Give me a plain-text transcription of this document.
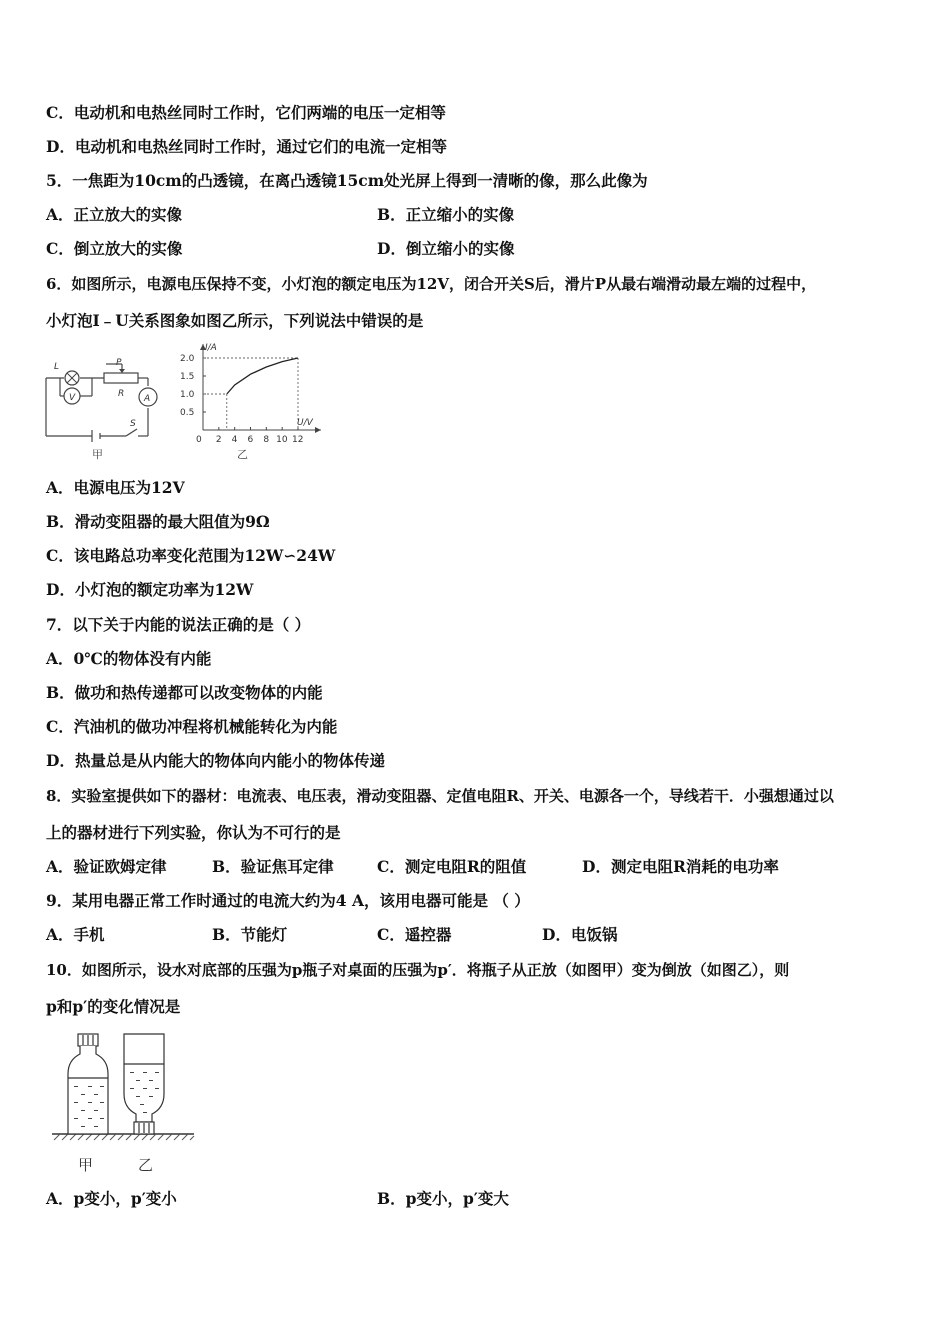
C．电动机和电热丝同时工作时，它们两端的电压一定相等
D．电动机和电热丝同时工作时，通过它们的电流一定相等
5．一焦距为10cm的凸透镜，在离凸透镜15cm处光屏上得到一清晰的像，那么此像为
A．正立放大的实像	B．正立缩小的实像
C．倒立放大的实像	D．倒立缩小的实像
6．如图所示，电源电压保持不变，小灯泡的额定电压为12V，闭合开关S后，滑片P从最右端滑动最左端的过程中，
小灯泡I﹣U关系图象如图乙所示，下列说法中错误的是
L
V
P
R A
S
甲
0.5
1.0
1.5
2.0
2 4 6 8 10 12
I/A
U/V
0
乙
A．电源电压为12V
B．滑动变阻器的最大阻值为9Ω
C．该电路总功率变化范围为12W∽24W
D．小灯泡的额定功率为12W
7．以下关于内能的说法正确的是（ ）
A．0℃的物体没有内能
B．做功和热传递都可以改变物体的内能
C．汽油机的做功冲程将机械能转化为内能
D．热量总是从内能大的物体向内能小的物体传递
8．实验室提供如下的器材：电流表、电压表，滑动变阻器、定值电阻R、开关、电源各一个，导线若干．小强想通过以
上的器材进行下列实验，你认为不可行的是
A．验证欧姆定律	B．验证焦耳定律	C．测定电阻R的阻值	D．测定电阻R消耗的电功率
9．某用电器正常工作时通过的电流大约为4 A，该用电器可能是 （ ）
A．手机	B．节能灯	C．遥控器	D．电饭锅
10．如图所示，设水对底部的压强为p瓶子对桌面的压强为p′．将瓶子从正放（如图甲）变为倒放（如图乙），则
p和p′的变化情况是
甲	乙
A．p变小，p′变小	B．p变小，p′变大
